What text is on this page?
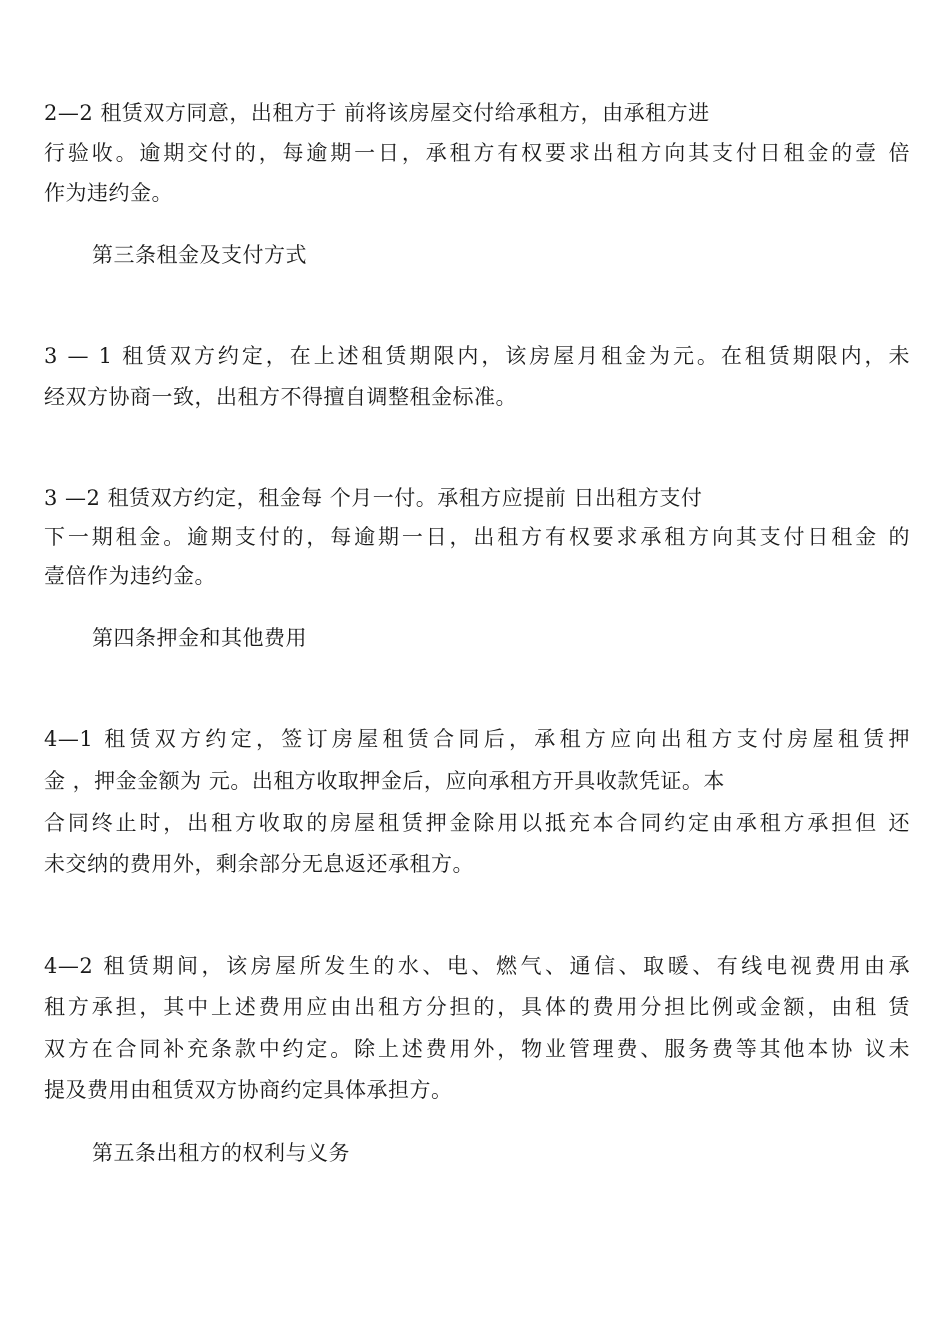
2—2 租赁双方同意，出租方于 前将该房屋交付给承租方，由承租方进
行验收。逾期交付的，每逾期一日，承租方有权要求出租方向其支付日租金的壹 倍
作为违约金。
第三条租金及支付方式
3 — 1 租赁双方约定，在上述租赁期限内，该房屋月租金为元。在租赁期限内，未
经双方协商一致，出租方不得擅自调整租金标准。
3 —2 租赁双方约定，租金每 个月一付。承租方应提前 日出租方支付
下一期租金。逾期支付的，每逾期一日，出租方有权要求承租方向其支付日租金 的
壹倍作为违约金。
第四条押金和其他费用
4—1 租赁双方约定，签订房屋租赁合同后，承租方应向出租方支付房屋租赁押
金 ，押金金额为 元。出租方收取押金后，应向承租方开具收款凭证。本
合同终止时，出租方收取的房屋租赁押金除用以抵充本合同约定由承租方承担但 还
未交纳的费用外，剩余部分无息返还承租方。
4—2 租赁期间，该房屋所发生的水、电、燃气、通信、取暖、有线电视费用由承
租方承担，其中上述费用应由出租方分担的，具体的费用分担比例或金额，由租 赁
双方在合同补充条款中约定。除上述费用外，物业管理费、服务费等其他本协 议未
提及费用由租赁双方协商约定具体承担方。
第五条出租方的权利与义务
